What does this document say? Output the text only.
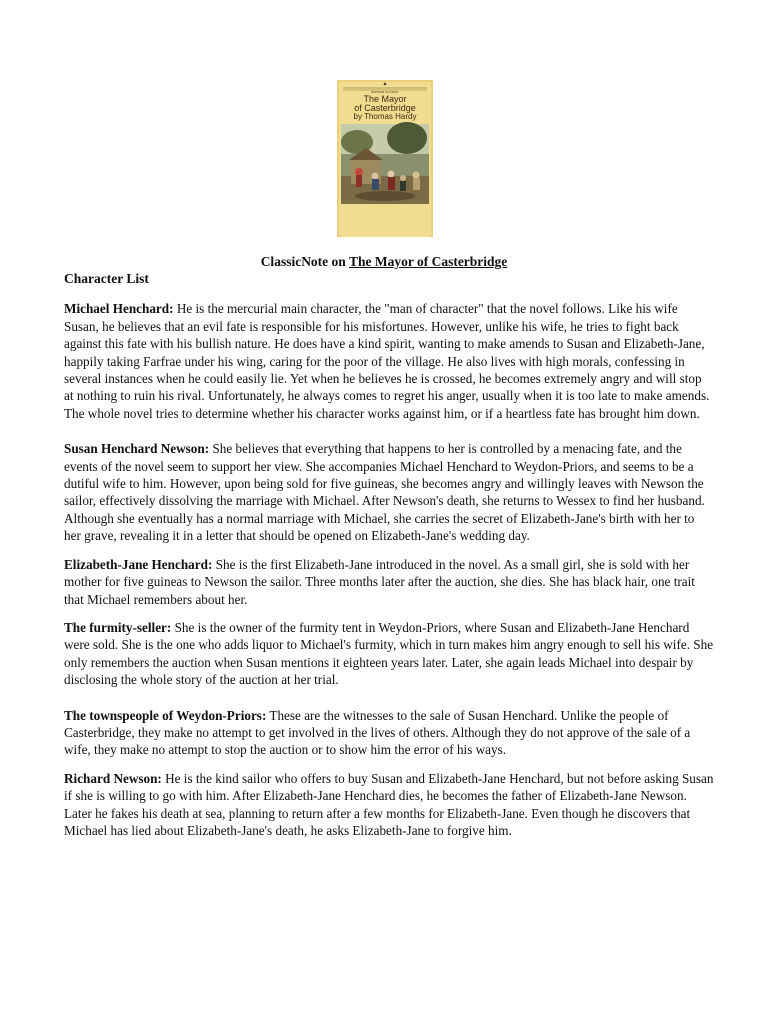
BANTAM CLASSIC
The Mayor
of Casterbridge
by Thomas Hardy
ClassicNote on The Mayor of Casterbridge

Character List

Michael Henchard: He is the mercurial main character, the "man of character" that the novel follows. Like his wife Susan, he believes that an evil fate is responsible for his misfortunes. However, unlike his wife, he tries to fight back against this fate with his bullish nature. He does have a kind spirit, wanting to make amends to Susan and Elizabeth-Jane, happily taking Farfrae under his wing, caring for the poor of the village. He also lives with high morals, confessing in several instances when he could easily lie. Yet when he believes he is crossed, he becomes extremely angry and will stop at nothing to ruin his rival. Unfortunately, he always comes to regret his anger, usually when it is too late to make amends. The whole novel tries to determine whether his character works against him, or if a heartless fate has brought him down.

Susan Henchard Newson: She believes that everything that happens to her is controlled by a menacing fate, and the events of the novel seem to support her view. She accompanies Michael Henchard to Weydon-Priors, and seems to be a dutiful wife to him. However, upon being sold for five guineas, she becomes angry and willingly leaves with Newson the sailor, effectively dissolving the marriage with Michael. After Newson's death, she returns to Wessex to find her husband. Although she eventually has a normal marriage with Michael, she carries the secret of Elizabeth-Jane's birth with her to her grave, revealing it in a letter that should be opened on Elizabeth-Jane's wedding day.

Elizabeth-Jane Henchard: She is the first Elizabeth-Jane introduced in the novel. As a small girl, she is sold with her mother for five guineas to Newson the sailor. Three months later after the auction, she dies. She has black hair, one trait that Michael remembers about her.

The furmity-seller: She is the owner of the furmity tent in Weydon-Priors, where Susan and Elizabeth-Jane Henchard were sold. She is the one who adds liquor to Michael's furmity, which in turn makes him angry enough to sell his wife. She only remembers the auction when Susan mentions it eighteen years later. Later, she again leads Michael into despair by disclosing the whole story of the auction at her trial.

The townspeople of Weydon-Priors: These are the witnesses to the sale of Susan Henchard. Unlike the people of Casterbridge, they make no attempt to get involved in the lives of others. Although they do not approve of the sale of a wife, they make no attempt to stop the auction or to show him the error of his ways.

Richard Newson: He is the kind sailor who offers to buy Susan and Elizabeth-Jane Henchard, but not before asking Susan if she is willing to go with him. After Elizabeth-Jane Henchard dies, he becomes the father of Elizabeth-Jane Newson. Later he fakes his death at sea, planning to return after a few months for Elizabeth-Jane. Even though he discovers that Michael has lied about Elizabeth-Jane's death, he asks Elizabeth-Jane to forgive him.
